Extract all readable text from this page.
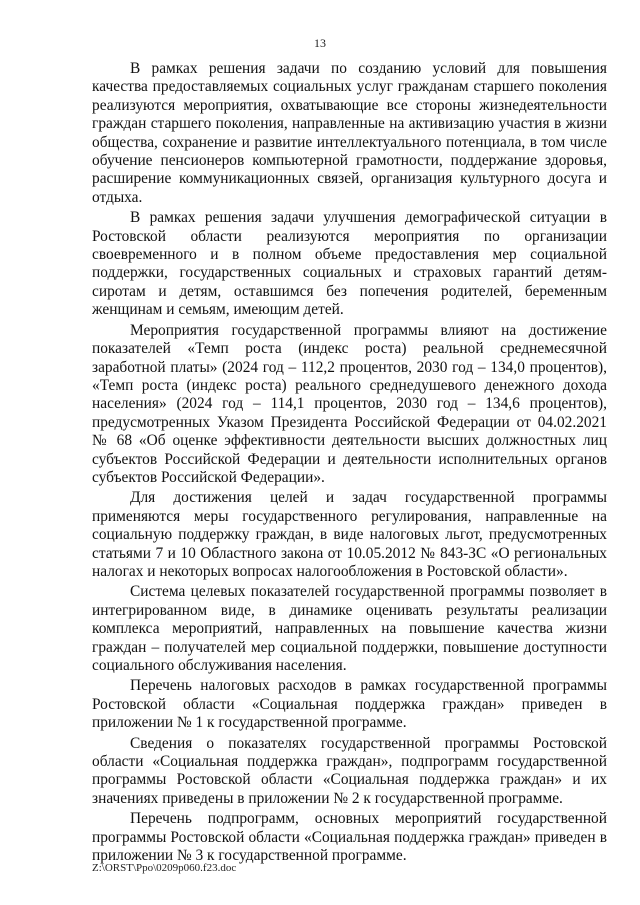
13

В рамках решения задачи по созданию условий для повышения качества предоставляемых социальных услуг гражданам старшего поколения реализуются мероприятия, охватывающие все стороны жизнедеятельности граждан старшего поколения, направленные на активизацию участия в жизни общества, сохранение и развитие интеллектуального потенциала, в том числе обучение пенсионеров компьютерной грамотности, поддержание здоровья, расширение коммуникационных связей, организация культурного досуга и отдыха.

В рамках решения задачи улучшения демографической ситуации в Ростовской области реализуются мероприятия по организации своевременного и в полном объеме предоставления мер социальной поддержки, государственных социальных и страховых гарантий детям-сиротам и детям, оставшимся без попечения родителей, беременным женщинам и семьям, имеющим детей.

Мероприятия государственной программы влияют на достижение показателей «Темп роста (индекс роста) реальной среднемесячной заработной платы» (2024 год – 112,2 процентов, 2030 год – 134,0 процентов), «Темп роста (индекс роста) реального среднедушевого денежного дохода населения» (2024 год – 114,1 процентов, 2030 год – 134,6 процентов), предусмотренных Указом Президента Российской Федерации от 04.02.2021 № 68 «Об оценке эффективности деятельности высших должностных лиц субъектов Российской Федерации и деятельности исполнительных органов субъектов Российской Федерации».

Для достижения целей и задач государственной программы применяются меры государственного регулирования, направленные на социальную поддержку граждан, в виде налоговых льгот, предусмотренных статьями 7 и 10 Областного закона от 10.05.2012 № 843-ЗС «О региональных налогах и некоторых вопросах налогообложения в Ростовской области».

Система целевых показателей государственной программы позволяет в интегрированном виде, в динамике оценивать результаты реализации комплекса мероприятий, направленных на повышение качества жизни граждан – получателей мер социальной поддержки, повышение доступности социального обслуживания населения.

Перечень налоговых расходов в рамках государственной программы Ростовской области «Социальная поддержка граждан» приведен в приложении № 1 к государственной программе.

Сведения о показателях государственной программы Ростовской области «Социальная поддержка граждан», подпрограмм государственной программы Ростовской области «Социальная поддержка граждан» и их значениях приведены в приложении № 2 к государственной программе.

Перечень подпрограмм, основных мероприятий государственной программы Ростовской области «Социальная поддержка граждан» приведен в приложении № 3 к государственной программе.

Z:\ORST\Ppo\0209p060.f23.doc
